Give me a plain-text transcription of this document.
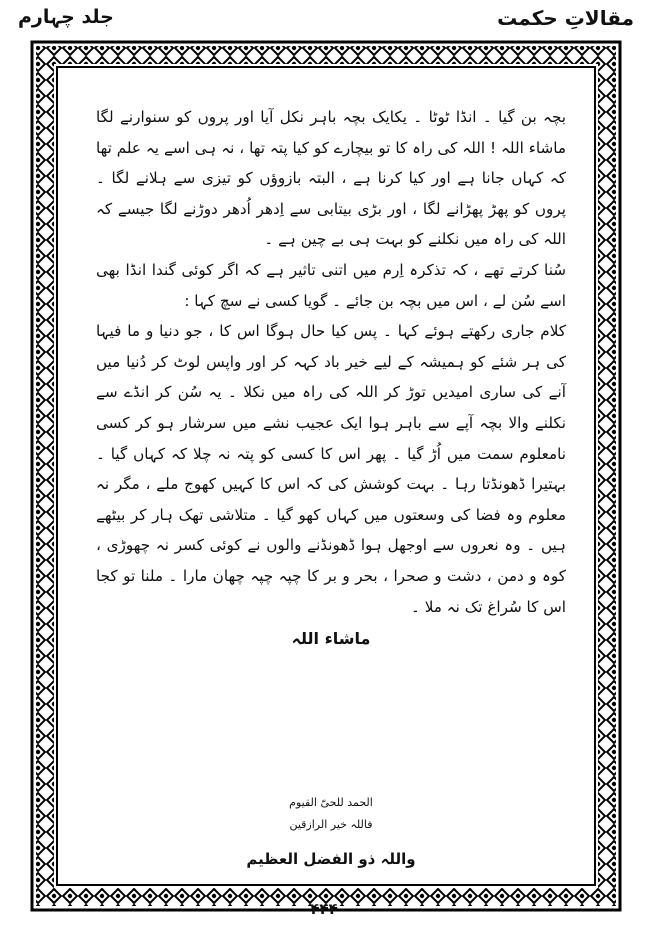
مقالاتِ حکمت
جلد چہارم

بچہ بن گیا ۔ انڈا ٹوٹا ۔ یکایک بچہ باہر نکل آیا اور پروں کو سنوارنے لگا ماشاء اللہ ! اللہ کی راہ کا تو بیچارے کو کیا پتہ تھا ، نہ ہی اسے یہ علم تھا کہ کہاں جانا ہے اور کیا کرنا ہے ، البتہ بازوؤں کو تیزی سے ہلانے لگا ۔ پروں کو پھڑ پھڑانے لگا ، اور بڑی بیتابی سے اِدھر اُدھر دوڑنے لگا جیسے کہ اللہ کی راہ میں نکلنے کو بہت ہی بے چین ہے ۔

سُنا کرتے تھے ، کہ تذکرہ اِرم میں اتنی تاثیر ہے کہ اگر کوئی گندا انڈا بھی اسے سُن لے ، اس میں بچہ بن جائے ۔ گویا کسی نے سچ کہا :

کلام جاری رکھتے ہوئے کہا ۔ پس کیا حال ہوگا اس کا ، جو دنیا و ما فیہا کی ہر شئے کو ہمیشہ کے لیے خیر باد کہہ کر اور واپس لوٹ کر دُنیا میں آنے کی ساری امیدیں توڑ کر اللہ کی راہ میں نکلا ۔ یہ سُن کر انڈے سے نکلنے والا بچہ آپے سے باہر ہوا ایک عجیب نشے میں سرشار ہو کر کسی نامعلوم سمت میں اُڑ گیا ۔ پھر اس کا کسی کو پتہ نہ چلا کہ کہاں گیا ۔ بہتیرا ڈھونڈتا رہا ۔ بہت کوشش کی کہ اس کا کہیں کھوج ملے ، مگر نہ معلوم وہ فضا کی وسعتوں میں کہاں کھو گیا ۔ متلاشی تھک ہار کر بیٹھے ہیں ۔ وہ نعروں سے اوجھل ہوا ڈھونڈنے والوں نے کوئی کسر نہ چھوڑی ، کوہ و دمن ، دشت و صحرا ، بحر و بر کا چپہ چپہ چھان مارا ۔ ملنا تو کجا اس کا سُراغ تک نہ ملا ۔

ماشاء اللہ
الحمد للحیّ القیوم
فاللہ خیر الرازقین
واللہ ذو الفضل العظیم
۴۴۴
